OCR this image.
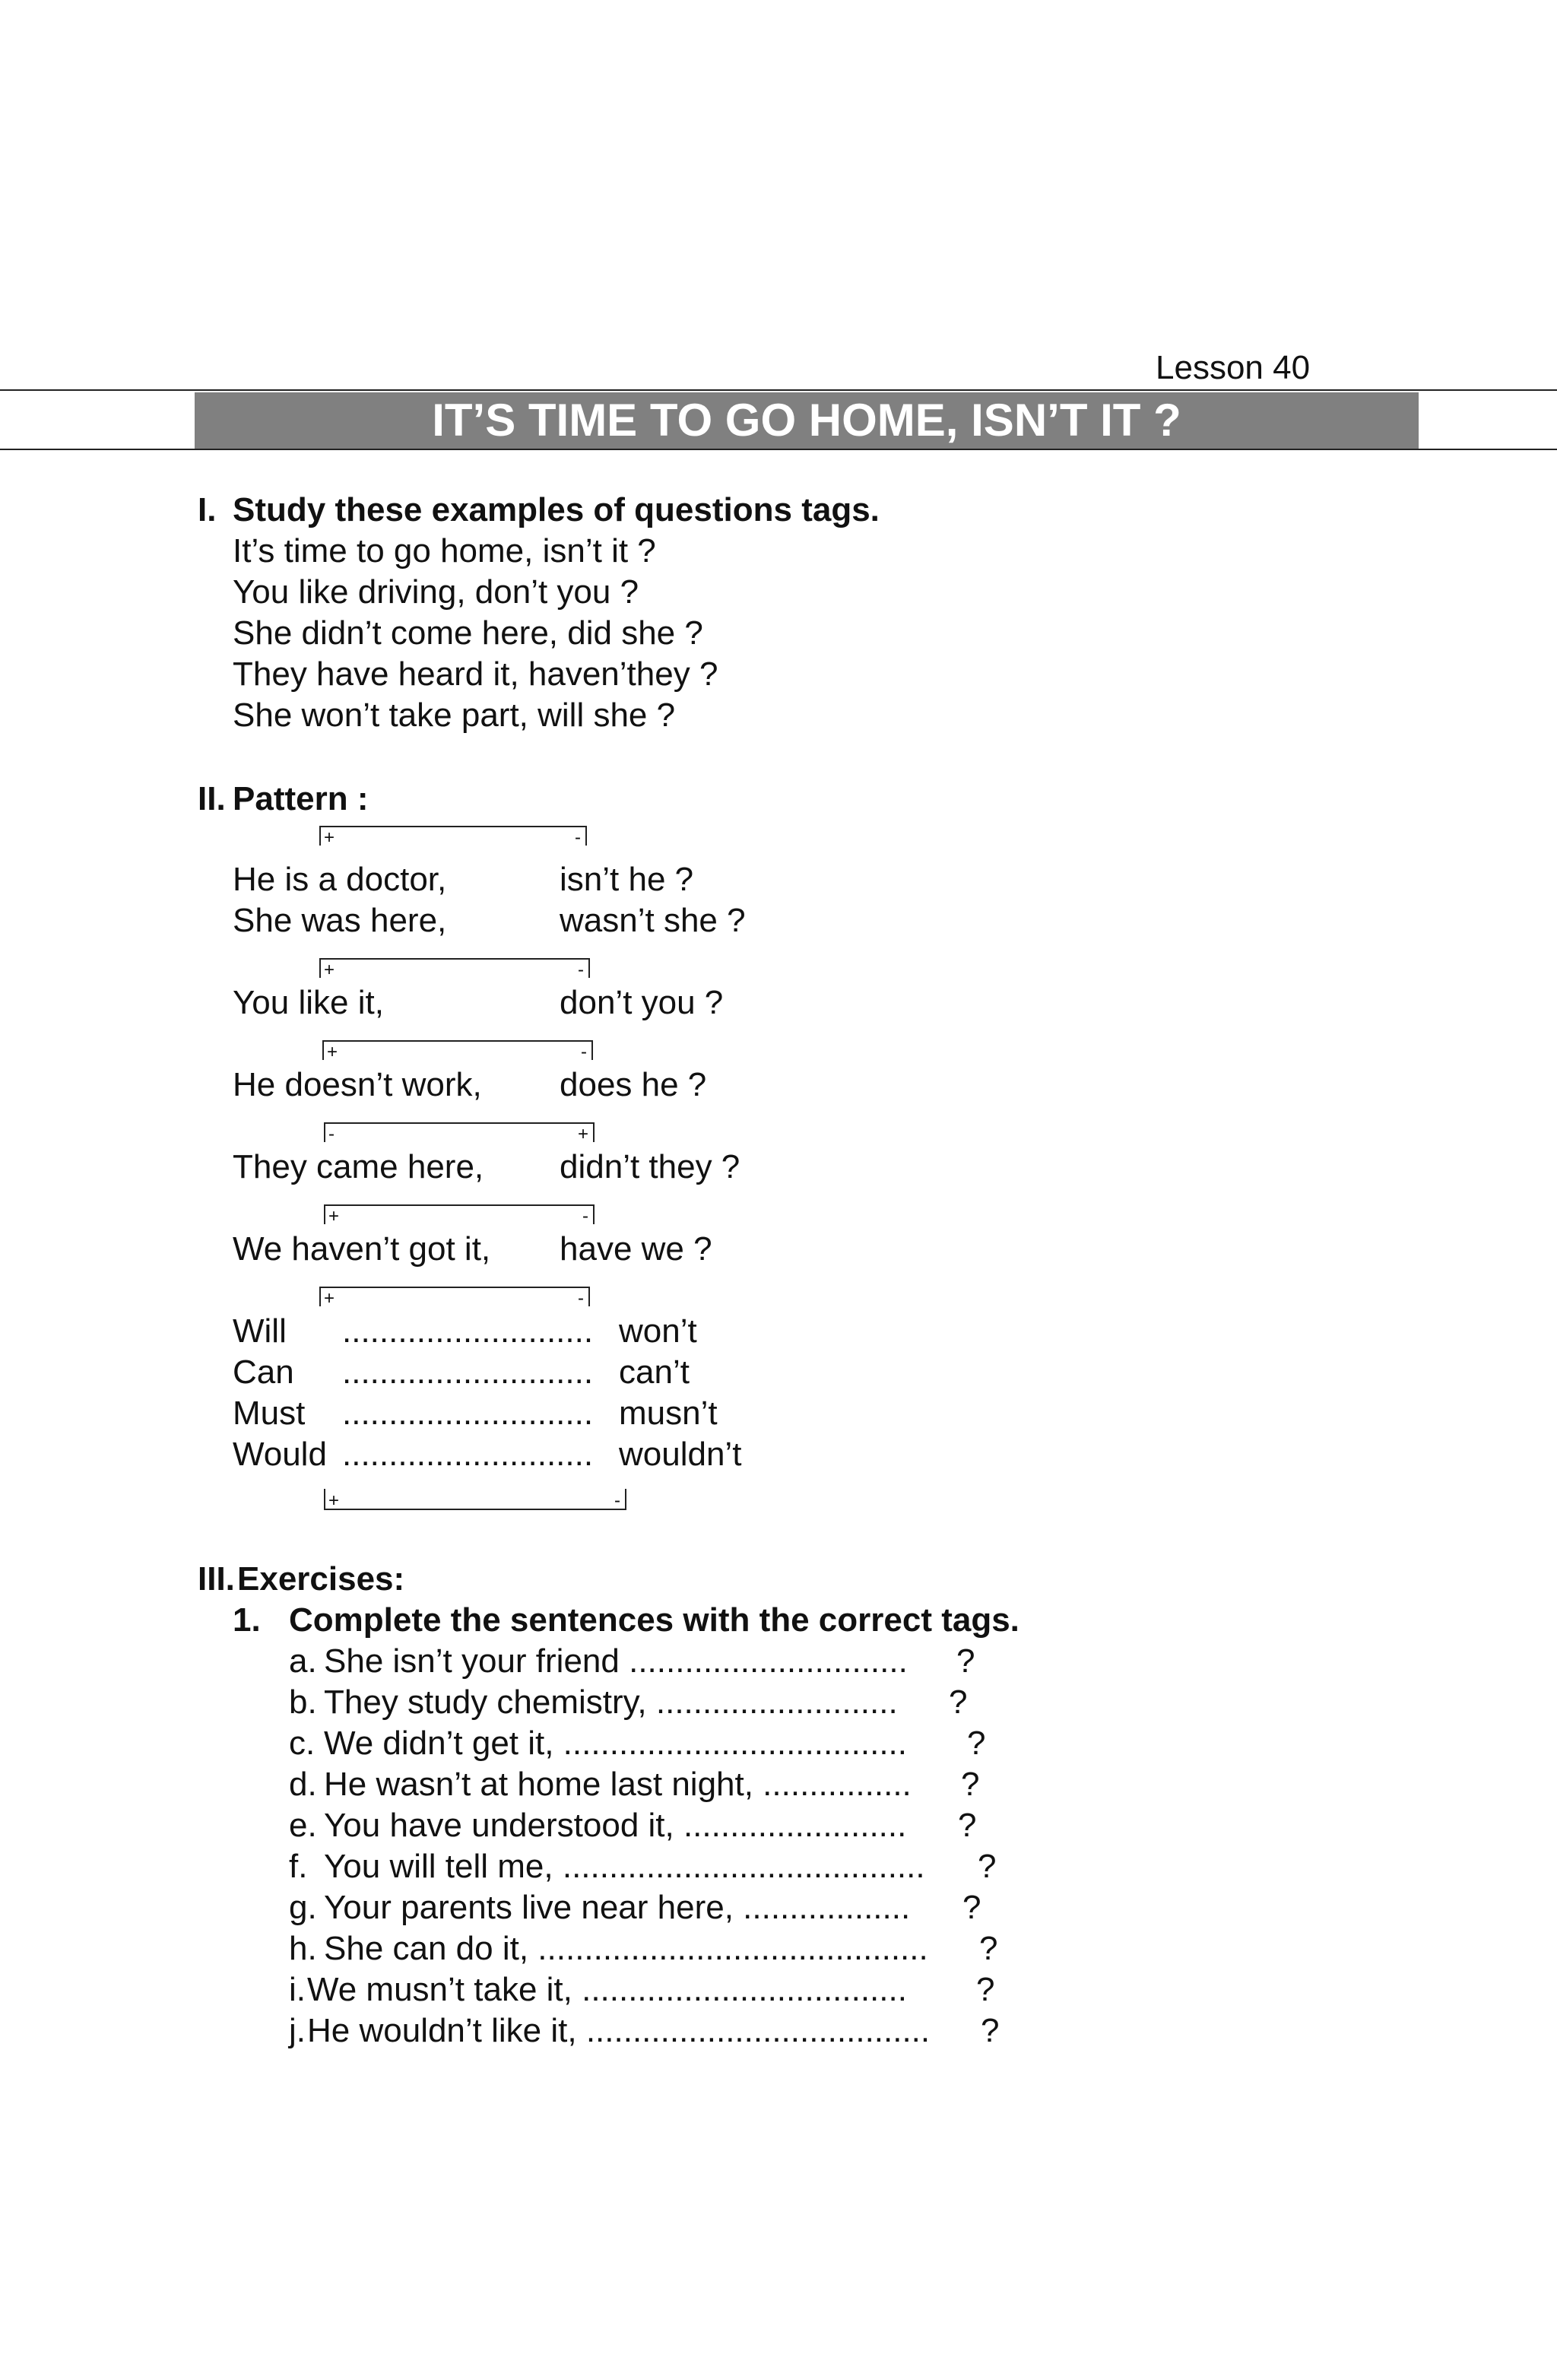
Lesson 40
IT’S TIME TO GO HOME, ISN’T IT ?
I. Study these examples of questions tags.
It’s time to go home, isn’t it ?
You like driving, don’t you ?
She didn’t come here, did she ?
They have heard it, haven’they ?
She won’t take part, will she ?
II. Pattern :
+	-
He is a doctor,	isn’t he ?
She was here,	wasn’t she ?
+	-
You like it,	don’t you ?
+	-
He doesn’t work, does he ?
-	+
They came here, didn’t they ?
+	-
We haven’t got it, have we ?
+	-
Will ........................... won’t
Can ........................... can’t
Must ........................... musn’t
Would ........................... wouldn’t
+	-
III. Exercises:
1. Complete the sentences with the correct tags.
a. She isn’t your friend .............................. ?
b. They study chemistry, .......................... ?
c. We didn’t get it, ..................................... ?
d. He wasn’t at home last night, ................ ?
e. You have understood it, ........................ ?
f. You will tell me, ....................................... ?
g. Your parents live near here, .................. ?
h. She can do it, .......................................... ?
i. We musn’t take it, ................................... ?
j. He wouldn’t like it, ..................................... ?
